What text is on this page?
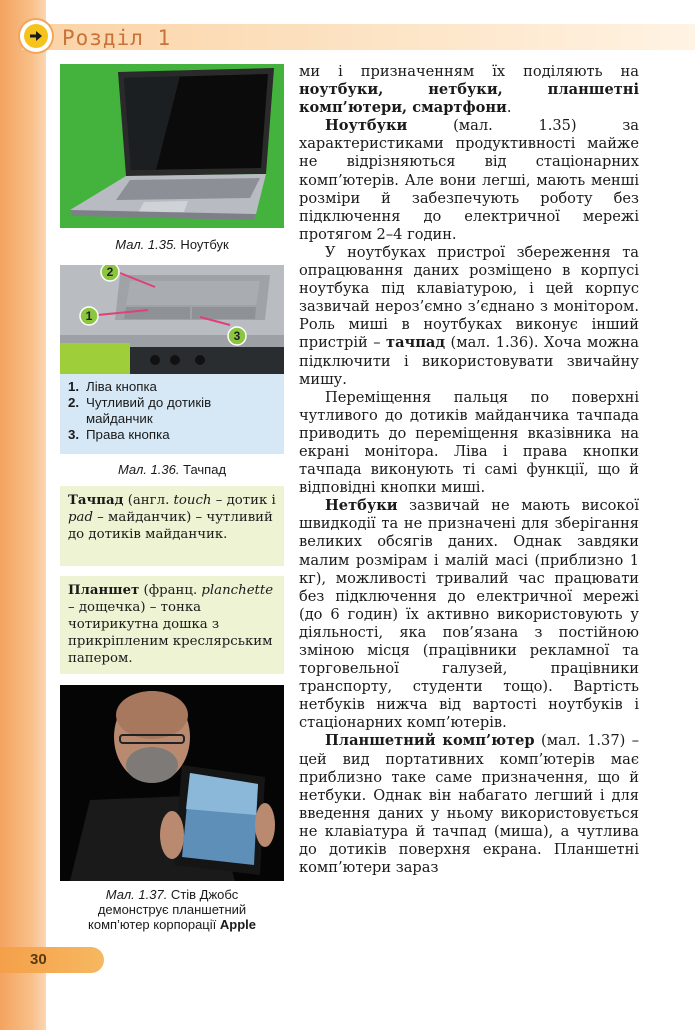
Розділ 1
Мал. 1.35. Ноутбук
2
1
3
1. Ліва кнопка
2. Чутливий до дотиків майданчик
3. Права кнопка
Мал. 1.36. Тачпад
Тачпад (англ. touch – дотик і pad – майданчик) – чутливий до дотиків майданчик.
Планшет (франц. planchette – дощечка) – тонка чотирикутна дошка з прикріпленим креслярським папером.
Мал. 1.37. Стів Джобс
демонструє планшетний
комп’ютер корпорації Apple

ми і призначенням їх поділяють на ноутбуки, нетбуки, планшетні комп’ютери, смартфони.

Ноутбуки (мал. 1.35) за характеристиками продуктивності майже не відрізняються від стаціонарних комп’ютерів. Але вони легші, мають менші розміри й забезпечують роботу без підключення до електричної мережі протягом 2–4 годин.

У ноутбуках пристрої збереження та опрацювання даних розміщено в корпусі ноутбука під клавіатурою, і цей корпус зазвичай нероз’ємно з’єднано з монітором. Роль миші в ноутбуках виконує інший пристрій – тачпад (мал. 1.36). Хоча можна підключити і використовувати звичайну мишу.

Переміщення пальця по поверхні чутливого до дотиків майданчика тачпада приводить до переміщення вказівника на екрані монітора. Ліва і права кнопки тачпада виконують ті самі функції, що й відповідні кнопки миші.

Нетбуки зазвичай не мають високої швидкодії та не призначені для зберігання великих обсягів даних. Однак завдяки малим розмірам і малій масі (приблизно 1 кг), можливості тривалий час працювати без підключення до електричної мережі (до 6 годин) їх активно використовують у діяльності, яка пов’язана з постійною зміною місця (працівники рекламної та торговельної галузей, працівники транспорту, студенти тощо). Вартість нетбуків нижча від вартості ноутбуків і стаціонарних комп’ютерів.

Планшетний комп’ютер (мал. 1.37) – цей вид портативних комп’ютерів має приблизно таке саме призначення, що й нетбуки. Однак він набагато легший і для введення даних у ньому використовується не клавіатура й тачпад (миша), а чутлива до дотиків поверхня екрана. Планшетні комп’ютери зараз

30
